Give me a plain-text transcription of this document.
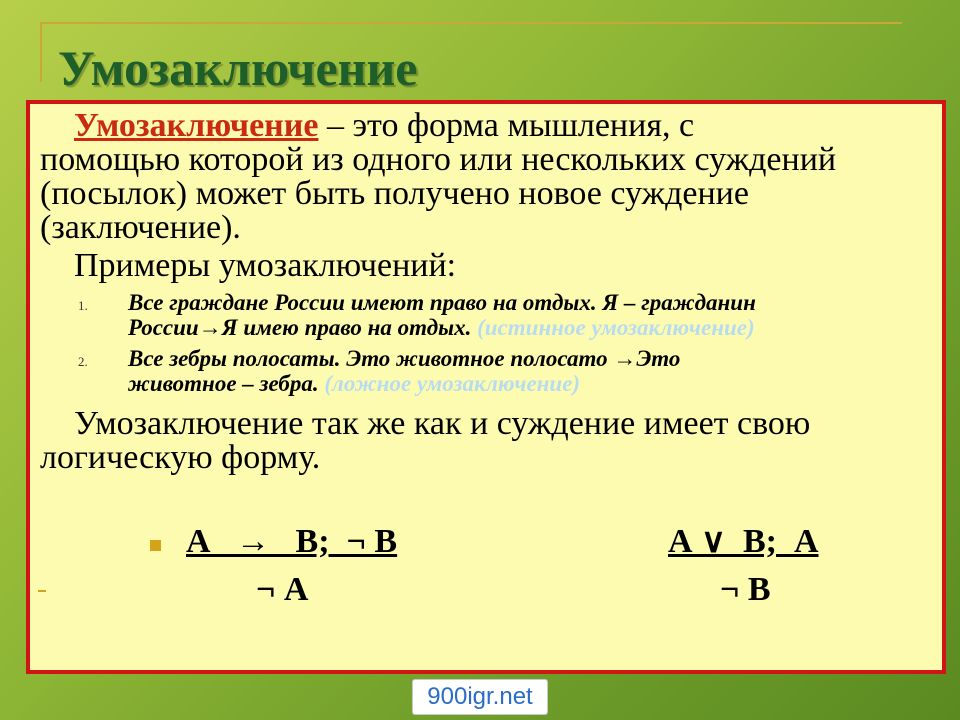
Умозаключение

Умозаключение – это форма мышления, с

помощью которой из одного или нескольких суждений

(посылок) может быть получено новое суждение

(заключение).

Примеры умозаключений:

1. Все граждане России имеют право на отдых. Я – гражданин
России→Я имею право на отдых. (истинное умозаключение)
2. Все зебры полосаты. Это животное полосато →Это
животное – зебра. (ложное умозаключение)

Умозаключение так же как и суждение имеет свою

логическую форму.

А   →   В;  ¬ В
¬ А
А ∨  В;  А
¬ В
900igr.net
